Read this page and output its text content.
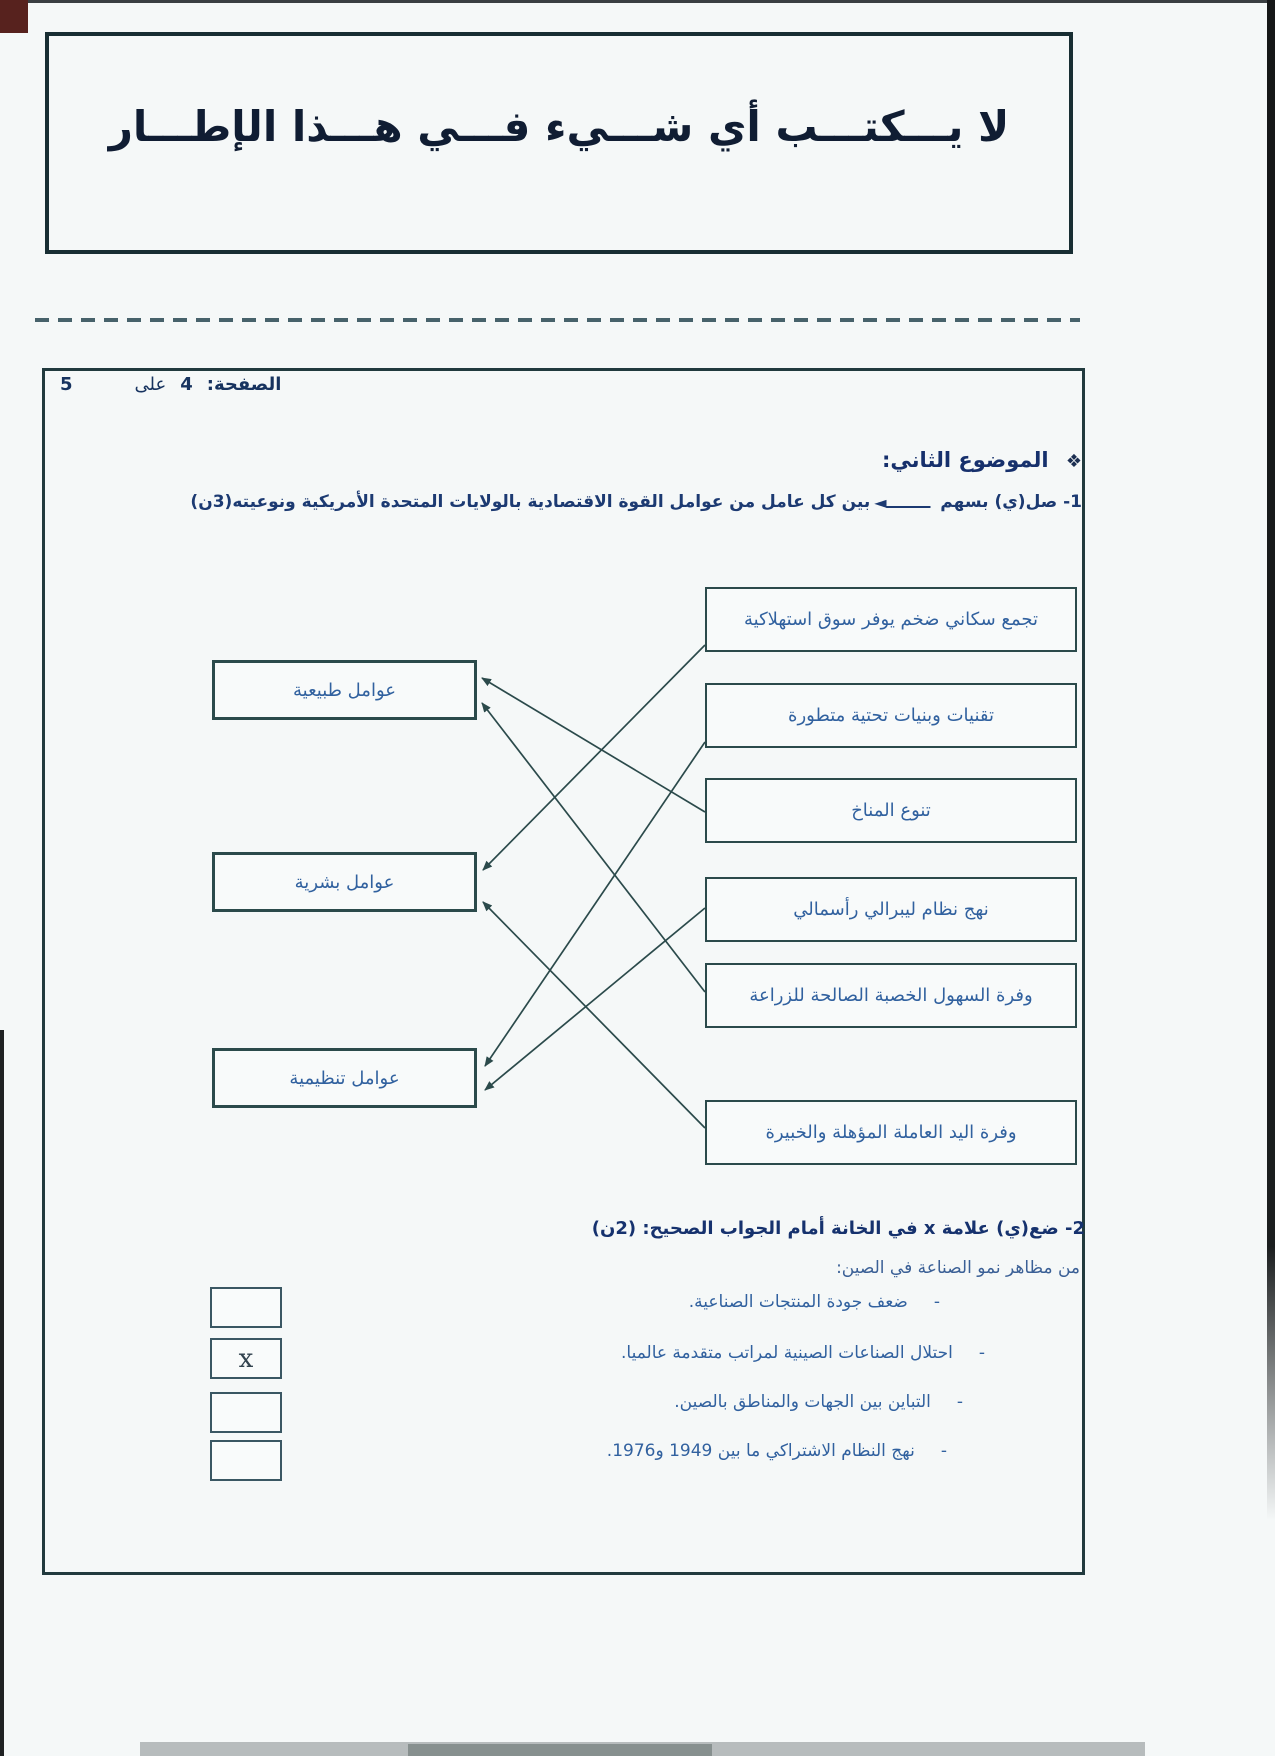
لا يـــكتـــب أي شـــيء فـــي هـــذا الإطـــار
الصفحة:
4
على
5
❖ الموضوع الثاني:
1- صل(ي) بسهم
◄ــــــــ
بين كل عامل من عوامل القوة الاقتصادية بالولايات المتحدة الأمريكية ونوعيته(3ن)
عوامل طبيعية
عوامل بشرية
عوامل تنظيمية
تجمع سكاني ضخم يوفر سوق استهلاكية
تقنيات وبنيات تحتية متطورة
تنوع المناخ
نهج نظام ليبرالي رأسمالي
وفرة السهول الخصبة الصالحة للزراعة
وفرة اليد العاملة المؤهلة والخبيرة
2- ضع(ي) علامة x في الخانة أمام الجواب الصحيح: (2ن)
من مظاهر نمو الصناعة في الصين:
-
ضعف جودة المنتجات الصناعية.
-
احتلال الصناعات الصينية لمراتب متقدمة عالميا.
-
التباين بين الجهات والمناطق بالصين.
-
نهج النظام الاشتراكي ما بين 1949 و1976.
x
